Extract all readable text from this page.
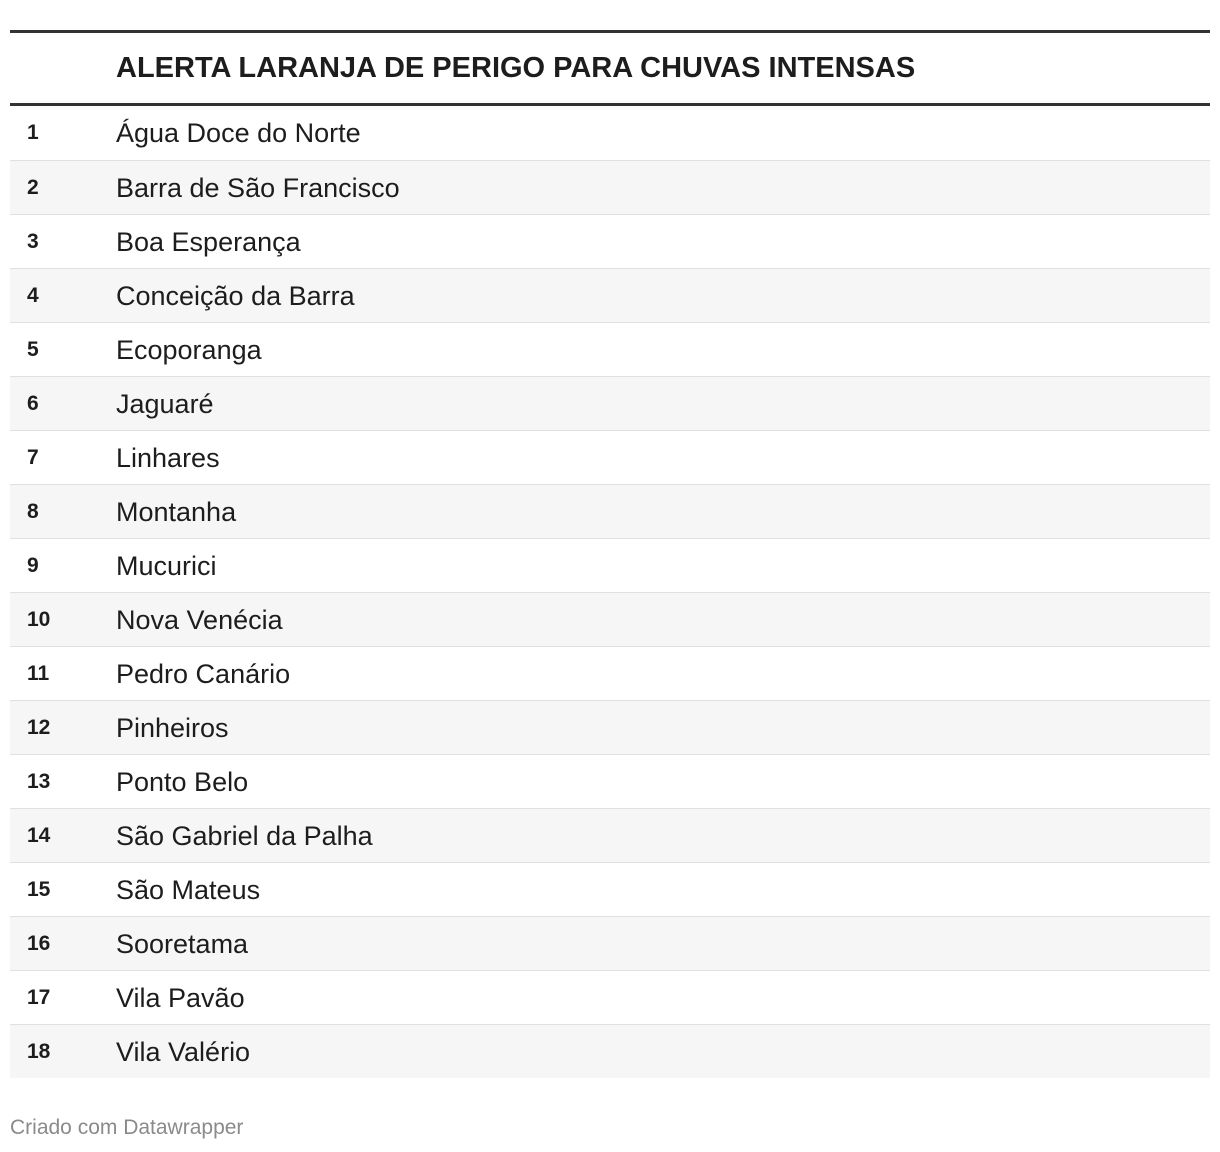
ALERTA LARANJA DE PERIGO PARA CHUVAS INTENSAS
1	Água Doce do Norte
2	Barra de São Francisco
3	Boa Esperança
4	Conceição da Barra
5	Ecoporanga
6	Jaguaré
7	Linhares
8	Montanha
9	Mucurici
10 Nova Venécia
11 Pedro Canário
12 Pinheiros
13 Ponto Belo
14 São Gabriel da Palha
15 São Mateus
16 Sooretama
17 Vila Pavão
18 Vila Valério
Criado com Datawrapper
